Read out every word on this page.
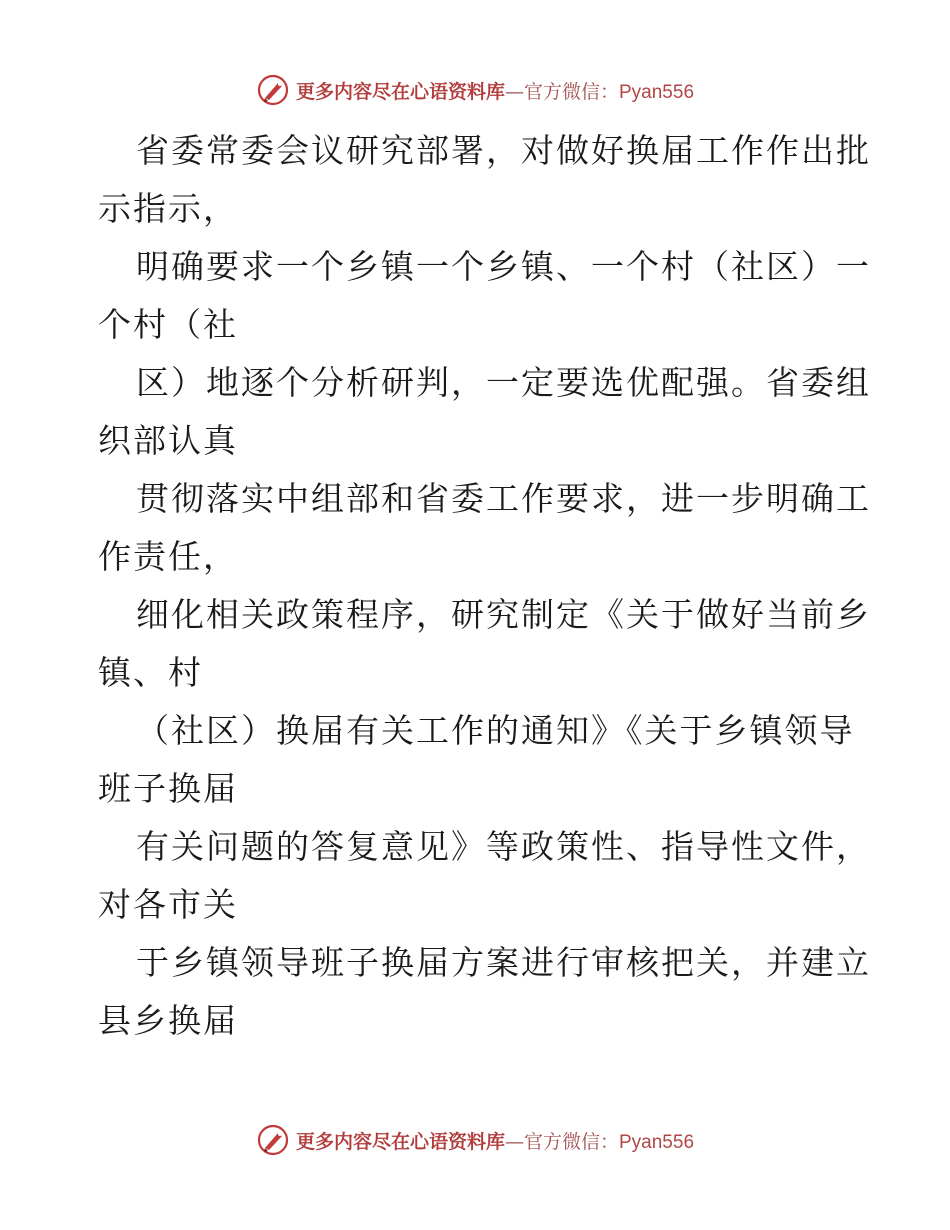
更多内容尽在心语资料库—官方微信：Pyan556
省委常委会议研究部署，对做好换届工作作出批
示指示，
明确要求一个乡镇一个乡镇、一个村（社区）一
个村（社
区）地逐个分析研判，一定要选优配强。省委组
织部认真
贯彻落实中组部和省委工作要求，进一步明确工
作责任，
细化相关政策程序，研究制定《关于做好当前乡
镇、村
（社区）换届有关工作的通知》《关于乡镇领导
班子换届
有关问题的答复意见》等政策性、指导性文件，
对各市关
于乡镇领导班子换届方案进行审核把关，并建立
县乡换届
更多内容尽在心语资料库—官方微信：Pyan556
